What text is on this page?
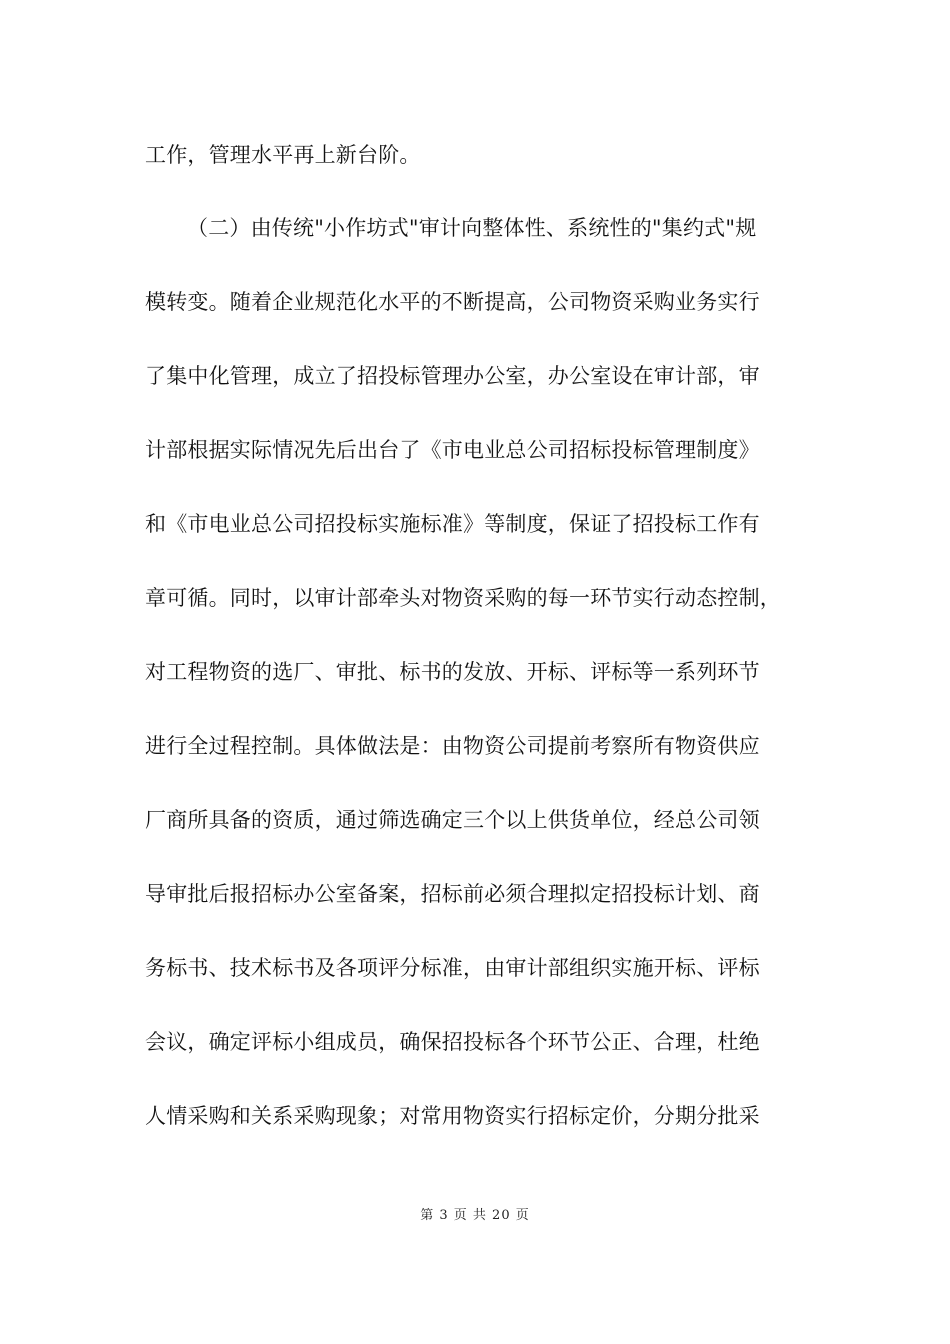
工作，管理水平再上新台阶。
（二）由传统"小作坊式"审计向整体性、系统性的"集约式"规
模转变。随着企业规范化水平的不断提高，公司物资采购业务实行
了集中化管理，成立了招投标管理办公室，办公室设在审计部，审
计部根据实际情况先后出台了《市电业总公司招标投标管理制度》
和《市电业总公司招投标实施标准》等制度，保证了招投标工作有
章可循。同时，以审计部牵头对物资采购的每一环节实行动态控制，
对工程物资的选厂、审批、标书的发放、开标、评标等一系列环节
进行全过程控制。具体做法是：由物资公司提前考察所有物资供应
厂商所具备的资质，通过筛选确定三个以上供货单位，经总公司领
导审批后报招标办公室备案，招标前必须合理拟定招投标计划、商
务标书、技术标书及各项评分标准，由审计部组织实施开标、评标
会议，确定评标小组成员，确保招投标各个环节公正、合理，杜绝
人情采购和关系采购现象；对常用物资实行招标定价，分期分批采
第 3 页 共 20 页
